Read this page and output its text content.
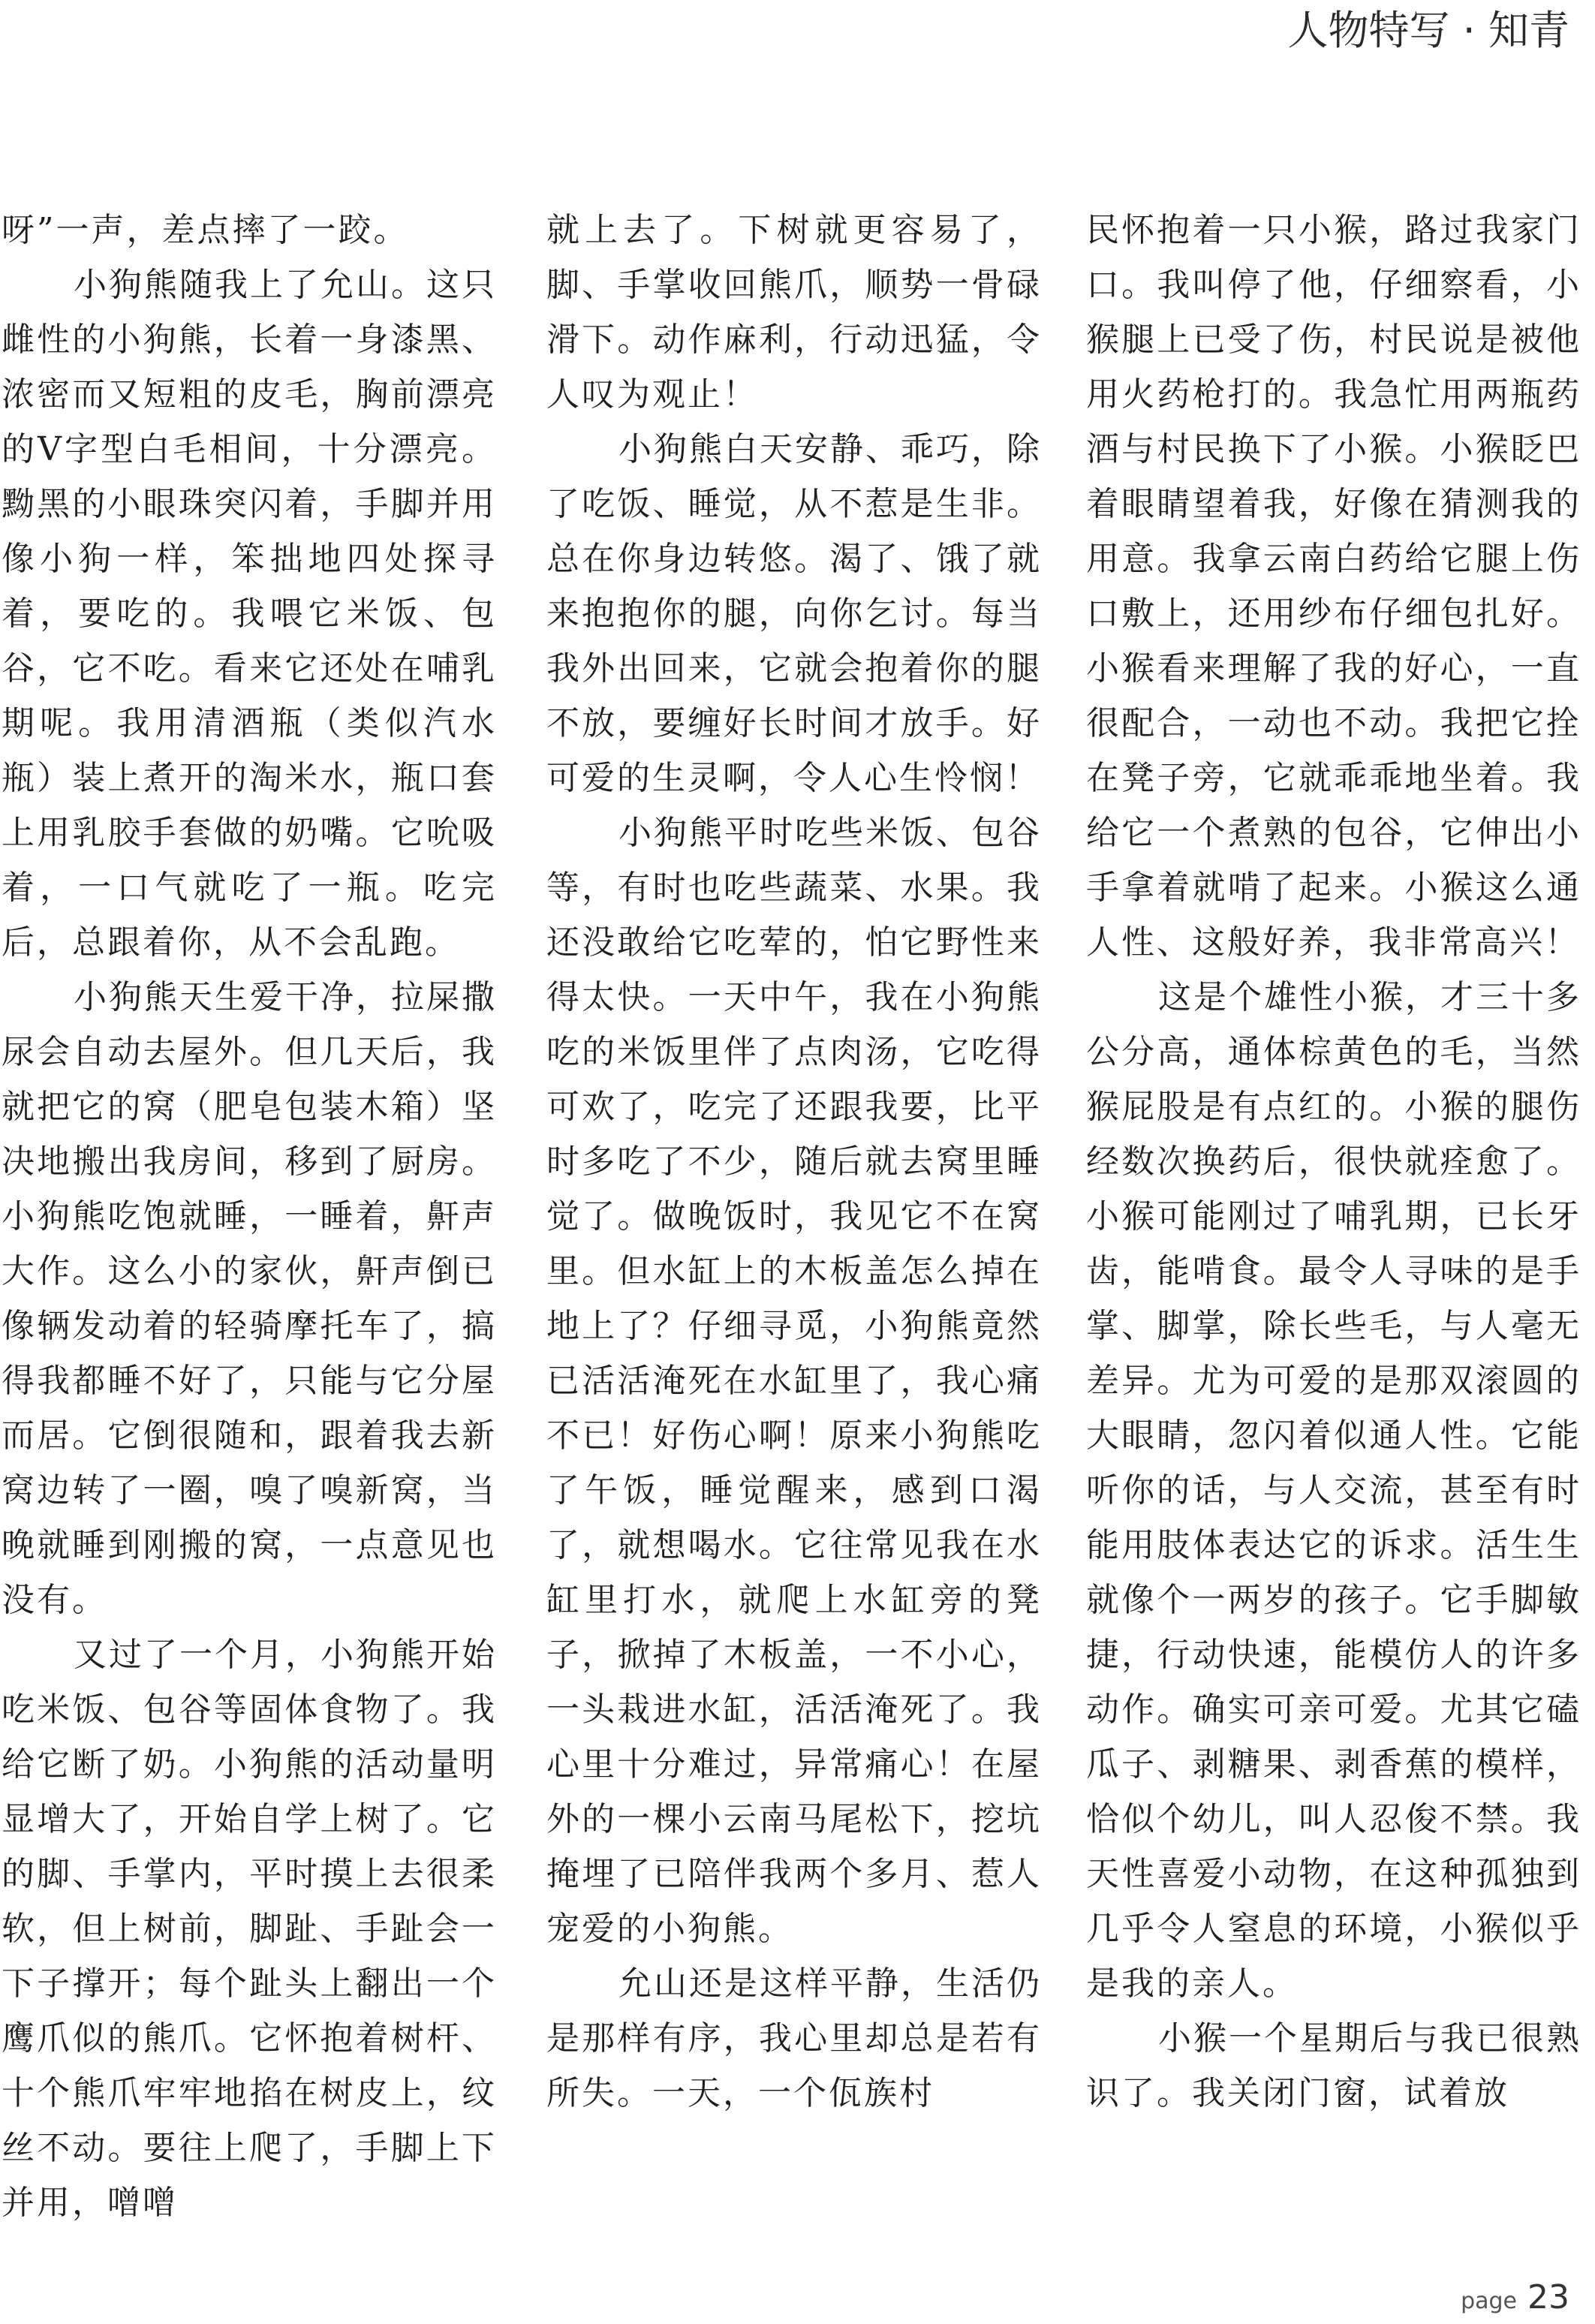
人物特写 · 知青

呀”一声，差点摔了一跤。

小狗熊随我上了允山。这只雌性的小狗熊，长着一身漆黑、浓密而又短粗的皮毛，胸前漂亮的V字型白毛相间，十分漂亮。黝黑的小眼珠突闪着，手脚并用像小狗一样，笨拙地四处探寻着，要吃的。我喂它米饭、包谷，它不吃。看来它还处在哺乳期呢。我用清酒瓶（类似汽水瓶）装上煮开的淘米水，瓶口套上用乳胶手套做的奶嘴。它吮吸着，一口气就吃了一瓶。吃完后，总跟着你，从不会乱跑。

小狗熊天生爱干净，拉屎撒尿会自动去屋外。但几天后，我就把它的窝（肥皂包装木箱）坚决地搬出我房间，移到了厨房。小狗熊吃饱就睡，一睡着，鼾声大作。这么小的家伙，鼾声倒已像辆发动着的轻骑摩托车了，搞得我都睡不好了，只能与它分屋而居。它倒很随和，跟着我去新窝边转了一圈，嗅了嗅新窝，当晚就睡到刚搬的窝，一点意见也没有。

又过了一个月，小狗熊开始吃米饭、包谷等固体食物了。我给它断了奶。小狗熊的活动量明显增大了，开始自学上树了。它的脚、手掌内，平时摸上去很柔软，但上树前，脚趾、手趾会一下子撑开；每个趾头上翻出一个鹰爪似的熊爪。它怀抱着树杆、十个熊爪牢牢地掐在树皮上，纹丝不动。要往上爬了，手脚上下并用，噌噌

就上去了。下树就更容易了，脚、手掌收回熊爪，顺势一骨碌滑下。动作麻利，行动迅猛，令人叹为观止！

小狗熊白天安静、乖巧，除了吃饭、睡觉，从不惹是生非。总在你身边转悠。渴了、饿了就来抱抱你的腿，向你乞讨。每当我外出回来，它就会抱着你的腿不放，要缠好长时间才放手。好可爱的生灵啊，令人心生怜悯！

小狗熊平时吃些米饭、包谷等，有时也吃些蔬菜、水果。我还没敢给它吃荤的，怕它野性来得太快。一天中午，我在小狗熊吃的米饭里伴了点肉汤，它吃得可欢了，吃完了还跟我要，比平时多吃了不少，随后就去窝里睡觉了。做晚饭时，我见它不在窝里。但水缸上的木板盖怎么掉在地上了？仔细寻觅，小狗熊竟然已活活淹死在水缸里了，我心痛不已！好伤心啊！原来小狗熊吃了午饭，睡觉醒来，感到口渴了，就想喝水。它往常见我在水缸里打水，就爬上水缸旁的凳子，掀掉了木板盖，一不小心，一头栽进水缸，活活淹死了。我心里十分难过，异常痛心！在屋外的一棵小云南马尾松下，挖坑掩埋了已陪伴我两个多月、惹人宠爱的小狗熊。

允山还是这样平静，生活仍是那样有序，我心里却总是若有所失。一天，一个佤族村

民怀抱着一只小猴，路过我家门口。我叫停了他，仔细察看，小猴腿上已受了伤，村民说是被他用火药枪打的。我急忙用两瓶药酒与村民换下了小猴。小猴眨巴着眼睛望着我，好像在猜测我的用意。我拿云南白药给它腿上伤口敷上，还用纱布仔细包扎好。小猴看来理解了我的好心，一直很配合，一动也不动。我把它拴在凳子旁，它就乖乖地坐着。我给它一个煮熟的包谷，它伸出小手拿着就啃了起来。小猴这么通人性、这般好养，我非常高兴！

这是个雄性小猴，才三十多公分高，通体棕黄色的毛，当然猴屁股是有点红的。小猴的腿伤经数次换药后，很快就痊愈了。小猴可能刚过了哺乳期，已长牙齿，能啃食。最令人寻味的是手掌、脚掌，除长些毛，与人毫无差异。尤为可爱的是那双滚圆的大眼睛，忽闪着似通人性。它能听你的话，与人交流，甚至有时能用肢体表达它的诉求。活生生就像个一两岁的孩子。它手脚敏捷，行动快速，能模仿人的许多动作。确实可亲可爱。尤其它磕瓜子、剥糖果、剥香蕉的模样，恰似个幼儿，叫人忍俊不禁。我天性喜爱小动物，在这种孤独到几乎令人窒息的环境，小猴似乎是我的亲人。

小猴一个星期后与我已很熟识了。我关闭门窗，试着放

page 23
